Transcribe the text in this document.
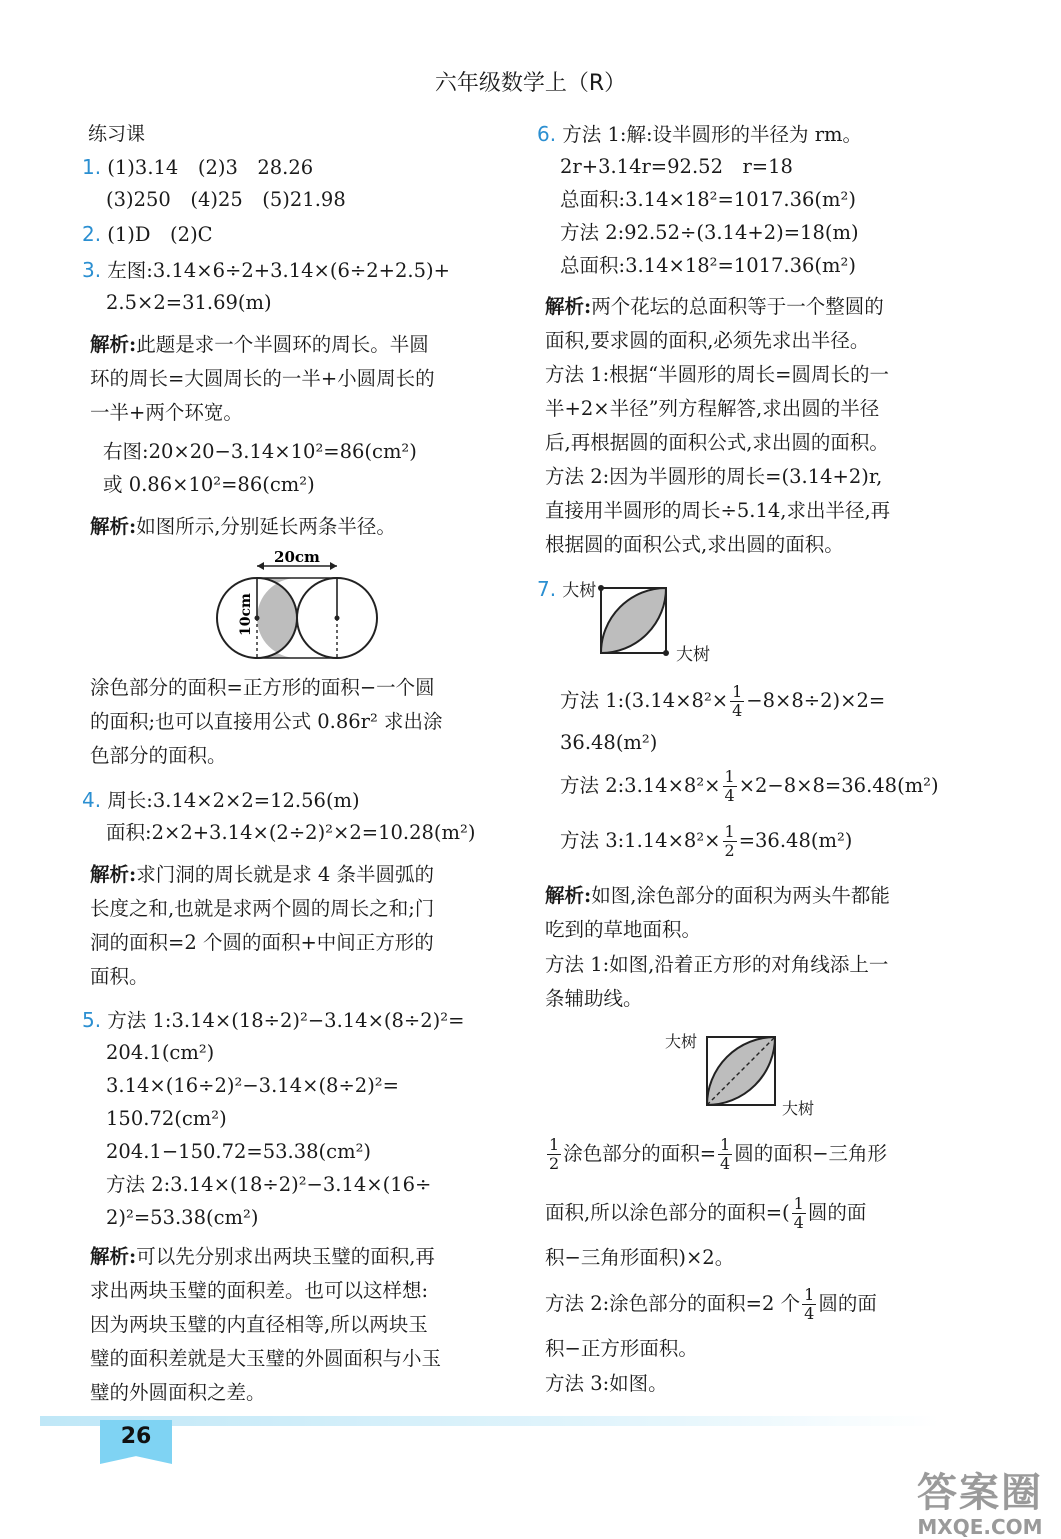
六年级数学上（R）
练习课
1. (1)3.14　(2)3　28.26
(3)250　(4)25　(5)21.98
2. (1)D　(2)C
3. 左图:3.14×6÷2+3.14×(6÷2+2.5)+
2.5×2=31.69(m)
解析:此题是求一个半圆环的周长。半圆
环的周长=大圆周长的一半+小圆周长的
一半+两个环宽。
右图:20×20−3.14×10²=86(cm²)
或 0.86×10²=86(cm²)
解析:如图所示,分别延长两条半径。
20cm
10cm
涂色部分的面积=正方形的面积−一个圆
的面积;也可以直接用公式 0.86r² 求出涂
色部分的面积。
4. 周长:3.14×2×2=12.56(m)
面积:2×2+3.14×(2÷2)²×2=10.28(m²)
解析:求门洞的周长就是求 4 条半圆弧的
长度之和,也就是求两个圆的周长之和;门
洞的面积=2 个圆的面积+中间正方形的
面积。
5. 方法 1:3.14×(18÷2)²−3.14×(8÷2)²=
204.1(cm²)
3.14×(16÷2)²−3.14×(8÷2)²=
150.72(cm²)
204.1−150.72=53.38(cm²)
方法 2:3.14×(18÷2)²−3.14×(16÷
2)²=53.38(cm²)
解析:可以先分别求出两块玉璧的面积,再
求出两块玉璧的面积差。也可以这样想:
因为两块玉璧的内直径相等,所以两块玉
璧的面积差就是大玉璧的外圆面积与小玉
璧的外圆面积之差。
6. 方法 1:解:设半圆形的半径为 rm。
2r+3.14r=92.52　r=18
总面积:3.14×18²=1017.36(m²)
方法 2:92.52÷(3.14+2)=18(m)
总面积:3.14×18²=1017.36(m²)
解析:两个花坛的总面积等于一个整圆的
面积,要求圆的面积,必须先求出半径。
方法 1:根据“半圆形的周长=圆周长的一
半+2×半径”列方程解答,求出圆的半径
后,再根据圆的面积公式,求出圆的面积。
方法 2:因为半圆形的周长=(3.14+2)r,
直接用半圆形的周长÷5.14,求出半径,再
根据圆的面积公式,求出圆的面积。
7. 大树
大树
方法 1:(3.14×8²× $\frac{1}{4} -8\times 8\div 2)\times 2=$
36.48(m²)
方法 2:3.14×8²× $\frac{1}{4} \times 2-8\times 8=36.48(m^2)$
方法 3:1.14×8²× $\frac{1}{2} =36.48(m^2)$
解析:如图,涂色部分的面积为两头牛都能
吃到的草地面积。
方法 1:如图,沿着正方形的对角线添上一
条辅助线。
大树
大树
$\frac{1}{2}$ 涂色部分的面积= $\frac{1}{4}$ 圆的面积−三角形
面积,所以涂色部分的面积=( $\frac{1}{4}$ 圆的面
积−三角形面积)×2。
方法 2:涂色部分的面积=2 个 $\frac{1}{4}$ 圆的面
积−正方形面积。
方法 3:如图。
26
答案圈
MXQE.COM
